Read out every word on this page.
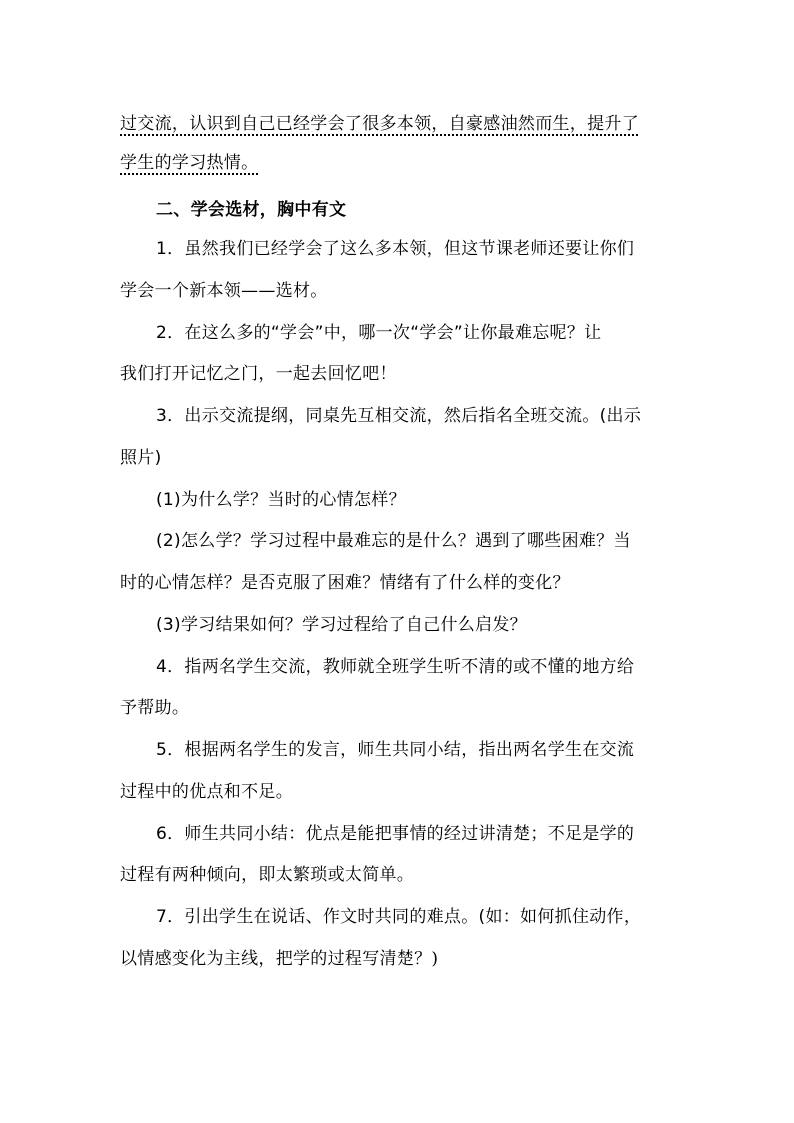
过交流，认识到自己已经学会了很多本领，自豪感油然而生，提升了
学生的学习热情。
二、学会选材，胸中有文
1．虽然我们已经学会了这么多本领，但这节课老师还要让你们
学会一个新本领——选材。
2．在这么多的“学会”中，哪一次“学会”让你最难忘呢？让
我们打开记忆之门，一起去回忆吧！
3．出示交流提纲，同桌先互相交流，然后指名全班交流。(出示
照片)
(1)为什么学？当时的心情怎样？
(2)怎么学？学习过程中最难忘的是什么？遇到了哪些困难？当
时的心情怎样？是否克服了困难？情绪有了什么样的变化？
(3)学习结果如何？学习过程给了自己什么启发？
4．指两名学生交流，教师就全班学生听不清的或不懂的地方给
予帮助。
5．根据两名学生的发言，师生共同小结，指出两名学生在交流
过程中的优点和不足。
6．师生共同小结：优点是能把事情的经过讲清楚；不足是学的
过程有两种倾向，即太繁琐或太简单。
7．引出学生在说话、作文时共同的难点。(如：如何抓住动作，
以情感变化为主线，把学的过程写清楚？)
